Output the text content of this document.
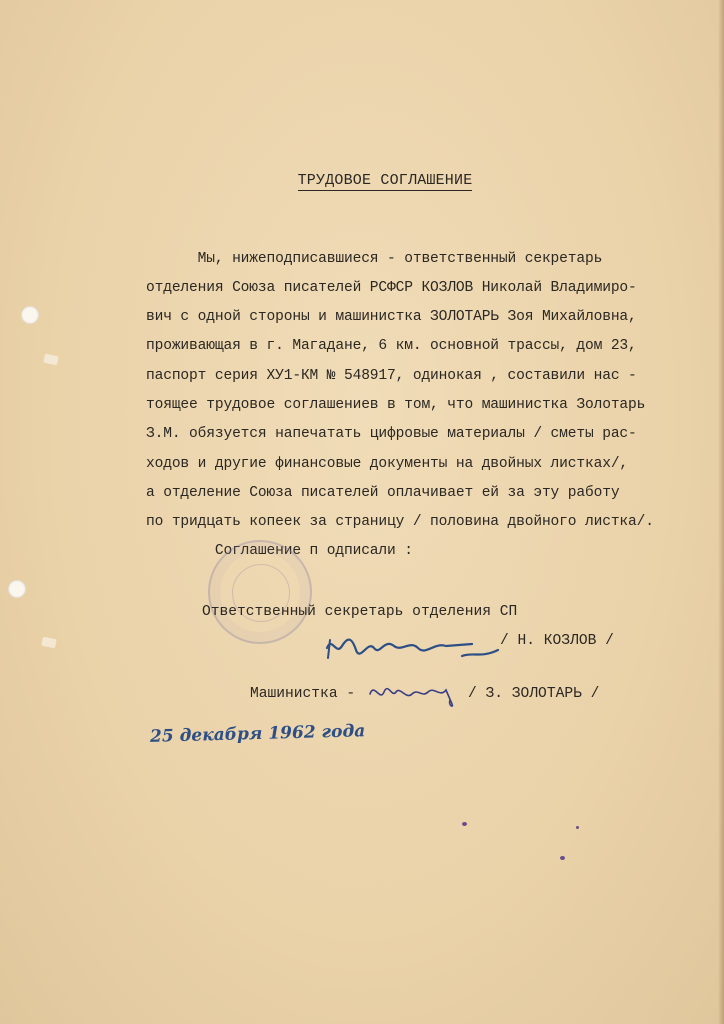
ТРУДОВОЕ СОГЛАШЕНИЕ
Мы, нижеподписавшиеся - ответственный секретарь
отделения Союза писателей РСФСР КОЗЛОВ Николай Владимиро-
вич с одной стороны и машинистка ЗОЛОТАРЬ Зоя Михайловна,
проживающая в г. Магадане, 6 км. основной трассы, дом 23,
паспорт серия ХУ1-КМ № 548917, одинокая , составили нас -
тоящее трудовое соглашениев в том, что машинистка Золотарь
З.М. обязуется напечатать цифровые материалы / сметы рас-
ходов и другие финансовые документы на двойных листках/,
а отделение Союза писателей оплачивает ей за эту работу
по тридцать копеек за страницу / половина двойного листка/.
Соглашение п одписали :
Ответственный секретарь отделения СП
/ Н. КОЗЛОВ /
Машинистка -	/ З. ЗОЛОТАРЬ /
25 декабря 1962 года
